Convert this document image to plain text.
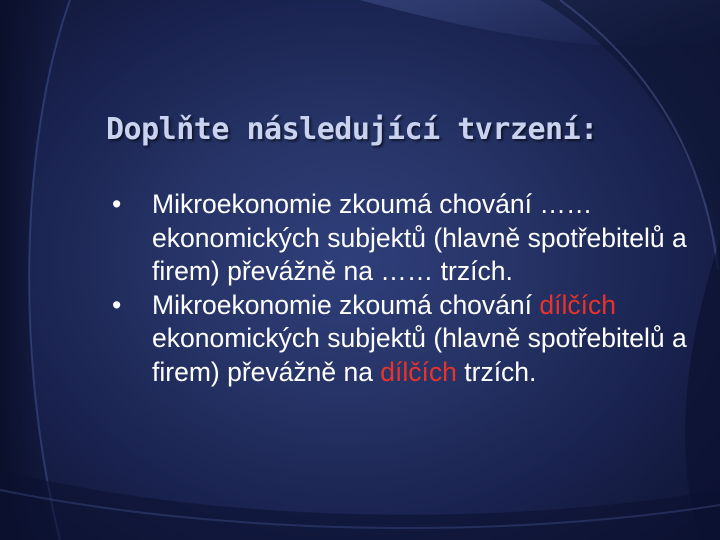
Doplňte následující tvrzení:
• Mikroekonomie zkoumá chování …… ekonomických subjektů (hlavně spotřebitelů a firem) převážně na …… trzích.
• Mikroekonomie zkoumá chování dílčích ekonomických subjektů (hlavně spotřebitelů a firem) převážně na dílčích trzích.
